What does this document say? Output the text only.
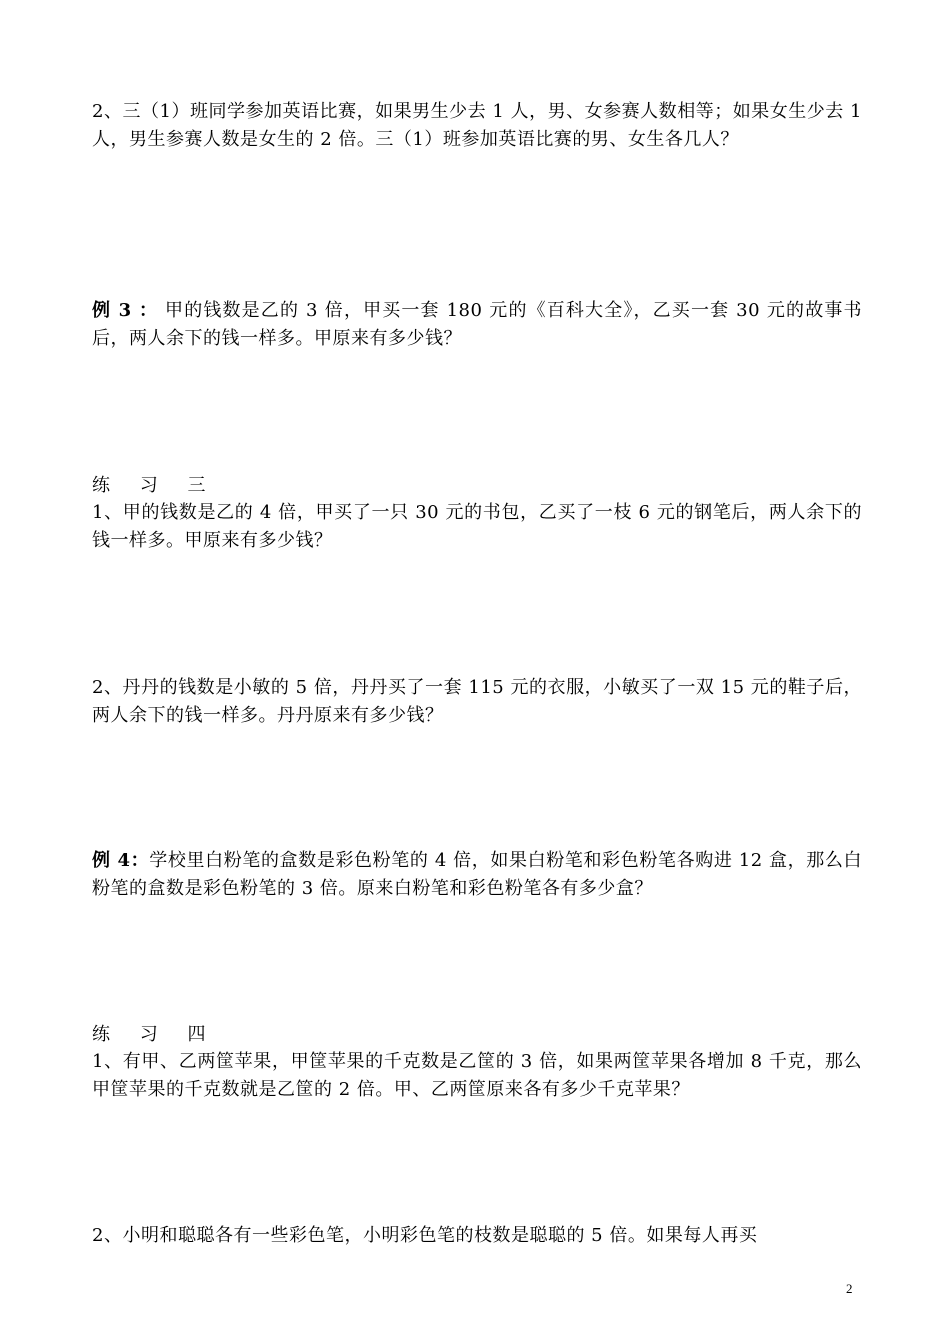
2、三（1）班同学参加英语比赛，如果男生少去 1 人，男、女参赛人数相等；如果女生少去 1 人，男生参赛人数是女生的 2 倍。三（1）班参加英语比赛的男、女生各几人？

例 3 ： 甲的钱数是乙的 3 倍，甲买一套 180 元的《百科大全》，乙买一套 30 元的故事书后，两人余下的钱一样多。甲原来有多少钱？

练 习 三

1、甲的钱数是乙的 4 倍，甲买了一只 30 元的书包，乙买了一枝 6 元的钢笔后，两人余下的钱一样多。甲原来有多少钱？

2、丹丹的钱数是小敏的 5 倍，丹丹买了一套 115 元的衣服，小敏买了一双 15 元的鞋子后，两人余下的钱一样多。丹丹原来有多少钱？

例 4：学校里白粉笔的盒数是彩色粉笔的 4 倍，如果白粉笔和彩色粉笔各购进 12 盒，那么白粉笔的盒数是彩色粉笔的 3 倍。原来白粉笔和彩色粉笔各有多少盒？

练 习 四

1、有甲、乙两筐苹果，甲筐苹果的千克数是乙筐的 3 倍，如果两筐苹果各增加 8 千克，那么甲筐苹果的千克数就是乙筐的 2 倍。甲、乙两筐原来各有多少千克苹果？

2、小明和聪聪各有一些彩色笔，小明彩色笔的枝数是聪聪的 5 倍。如果每人再买

2
